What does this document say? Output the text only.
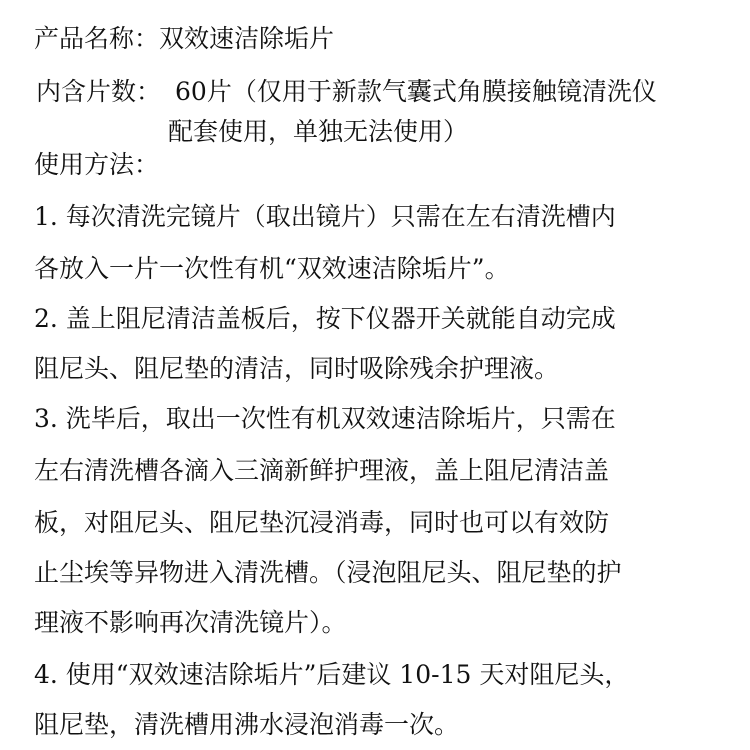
产品名称：双效速洁除垢片
内含片数： 60片（仅用于新款气囊式角膜接触镜清洗仪
配套使用，单独无法使用）
使用方法：
1. 每次清洗完镜片（取出镜片）只需在左右清洗槽内
各放入一片一次性有机“双效速洁除垢片”。
2. 盖上阻尼清洁盖板后，按下仪器开关就能自动完成
阻尼头、阻尼垫的清洁，同时吸除残余护理液。
3. 洗毕后，取出一次性有机双效速洁除垢片，只需在
左右清洗槽各滴入三滴新鲜护理液，盖上阻尼清洁盖
板，对阻尼头、阻尼垫沉浸消毒，同时也可以有效防
止尘埃等异物进入清洗槽。（浸泡阻尼头、阻尼垫的护
理液不影响再次清洗镜片）。
4. 使用“双效速洁除垢片”后建议 10-15 天对阻尼头，
阻尼垫，清洗槽用沸水浸泡消毒一次。
